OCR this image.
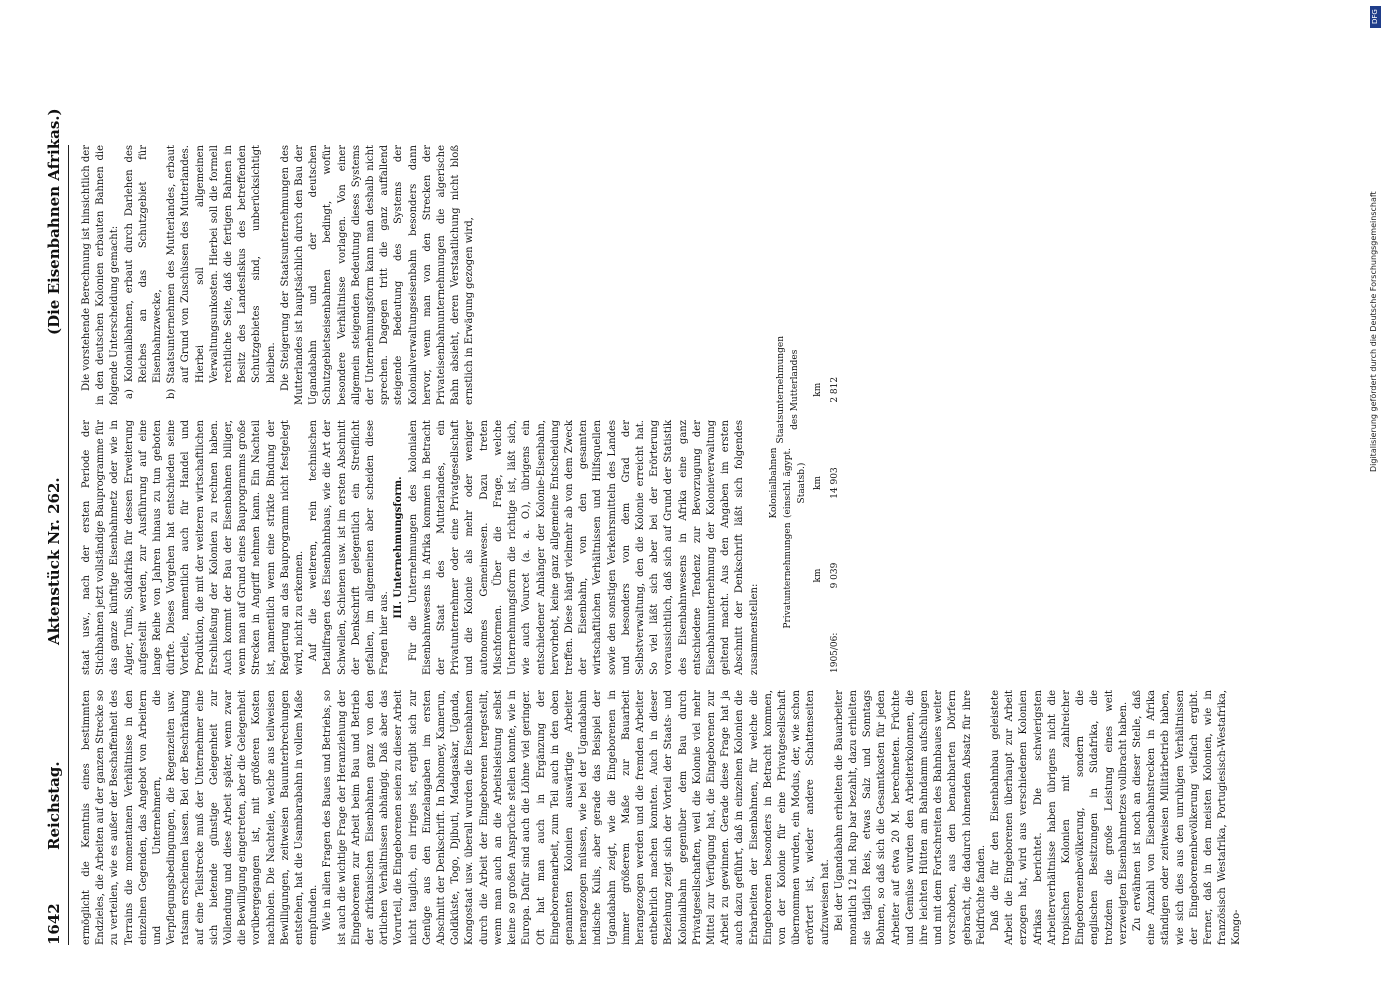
DFG
Digitalisierung gefördert durch die Deutsche Forschungsgemeinschaft
1642
Reichstag.
Aktenstück Nr. 262.
(Die Eisenbahnen Afrikas.)

ermöglicht die Kenntnis eines bestimmten Endzieles, die Arbeiten auf der ganzen Strecke so zu verteilen, wie es außer der Beschaffenheit des Terrains die momentanen Verhältnisse in den einzelnen Gegenden, das Angebot von Arbeitern und Unternehmern, die Verpflegungsbedingungen, die Regenzeiten usw. ratsam erscheinen lassen. Bei der Beschränkung auf eine Teilstrecke muß der Unternehmer eine sich bietende günstige Gelegenheit zur Vollendung und diese Arbeit später, wenn zwar die Bewilligung eingetreten, aber die Gelegenheit vorübergegangen ist, mit größeren Kosten nachholen. Die Nachteile, welche aus teilweisen Bewilligungen, zeitweisen Bauunterbrechungen entstehen, hat die Usambarabahn in vollem Maße empfunden. Wie in allen Fragen des Baues und Betriebs, so ist auch die wichtige Frage der Heranziehung der Eingeborenen zur Arbeit beim Bau und Betrieb der afrikanischen Eisenbahnen ganz von den örtlichen Verhältnissen abhängig. Daß aber das Vorurteil, die Eingeborenen seien zu dieser Arbeit nicht tauglich, ein irriges ist, ergibt sich zur Genüge aus den Einzelangaben im ersten Abschnitt der Denkschrift. In Dahomey, Kamerun, Goldküste, Togo, Djibuti, Madagaskar, Uganda, Kongostaat usw. überall wurden die Eisenbahnen durch die Arbeit der Eingeborenen hergestellt, wenn man auch an die Arbeitsleistung selbst keine so großen Ansprüche stellen konnte, wie in Europa. Dafür sind auch die Löhne viel geringer. Oft hat man auch in Ergänzung der Eingeborenenarbeit, zum Teil auch in den oben genannten Kolonien auswärtige Arbeiter herangezogen müssen, wie bei der Ugandabahn indische Kulis, aber gerade das Beispiel der Ugandabahn zeigt, wie die Eingeborenen in immer größerem Maße zur Bauarbeit herangezogen werden und die fremden Arbeiter entbehrlich machen konnten. Auch in dieser Beziehung zeigt sich der Vorteil der Staats- und Kolonialbahn gegenüber dem Bau durch Privatgesellschaften, weil die Kolonie viel mehr Mittel zur Verfügung hat, die Eingeborenen zur Arbeit zu gewinnen. Gerade diese Frage hat ja auch dazu geführt, daß in einzelnen Kolonien die Erbarbeiten der Eisenbahnen, für welche die Eingeborenen besonders in Betracht kommen, von der Kolonie für eine Privatgesellschaft übernommen wurden, ein Modus, der, wie schon erörtert ist, wieder andere Schattenseiten aufzuweisen hat. Bei der Ugandabahn erhielten die Bauarbeiter monatlich 12 ind. Rup bar bezahlt, dazu erhielten sie täglich Reis, etwas Salz und Sonntags Bohnen, so daß sich die Gesamtkosten für jeden Arbeiter auf etwa 20 M. berechneten. Früchte und Gemüse wurden den Arbeiterkolonnen, die ihre leichten Hütten am Bahndamm aufschlugen und mit dem Fortschreiten des Bahnbaues weiter vorschoben, aus den benachbarten Dörfern gebracht, die dadurch lohnenden Absatz für ihre Feldfrüchte fanden. Daß die für den Eisenbahnbau geleistete Arbeit die Eingeborenen überhaupt zur Arbeit erzogen hat, wird aus verschiedenen Kolonien Afrikas berichtet. Die schwierigsten Arbeiterverhältnisse haben übrigens nicht die tropischen Kolonien mit zahlreicher Eingeborenenbevölkerung, sondern die englischen Besitzungen in Südafrika, die trotzdem die große Leistung eines weit verzweigten Eisenbahnnetzes vollbracht haben. Zu erwähnen ist noch an dieser Stelle, daß eine Anzahl von Eisenbahnstrecken in Afrika ständigen oder zeitweisen Militärbetrieb haben, wie sich dies aus den unruhigen Verhältnissen der Eingeborenenbevölkerung vielfach ergibt. Ferner, daß in den meisten Kolonien, wie in französisch Westafrika, Portugiesisch-Westafrika, Kongo-

staat usw., nach der ersten Periode der Stichbahnen jetzt vollständige Bauprogramme für das ganze künftige Eisenbahnnetz oder wie in Algier, Tunis, Südafrika für dessen Erweiterung aufgestellt werden, zur Ausführung auf eine lange Reihe von Jahren hinaus zu tun geboten dürfte. Dieses Vorgehen hat entschieden seine Vorteile, namentlich auch für Handel und Produktion, die mit der weiteren wirtschaftlichen Erschließung der Kolonien zu rechnen haben. Auch kommt der Bau der Eisenbahnen billiger, wenn man auf Grund eines Bauprogramms große Strecken in Angriff nehmen kann. Ein Nachteil ist, namentlich wenn eine strikte Bindung der Regierung an das Bauprogramm nicht festgelegt wird, nicht zu erkennen. Auf die weiteren, rein technischen Detailfragen des Eisenbahnbaus, wie die Art der Schwellen, Schienen usw. ist im ersten Abschnitt der Denkschrift gelegentlich ein Streiflicht gefallen, im allgemeinen aber scheiden diese Fragen hier aus.

III. Unternehmungsform. Für die Unternehmungen des kolonialen Eisenbahnwesens in Afrika kommen in Betracht der Staat des Mutterlandes, ein Privatunternehmer oder eine Privatgesellschaft und die Kolonie als mehr oder weniger autonomes Gemeinwesen. Dazu treten Mischformen. Über die Frage, welche Unternehmungsform die richtige ist, läßt sich, wie auch Vourcet (a. a. O.), übrigens ein entschiedener Anhänger der Kolonie-Eisenbahn, hervorhebt, keine ganz allgemeine Entscheidung treffen. Diese hängt vielmehr ab von dem Zweck der Eisenbahn, von den gesamten wirtschaftlichen Verhältnissen und Hilfsquellen sowie den sonstigen Verkehrsmitteln des Landes und besonders von dem Grad der Selbstverwaltung, den die Kolonie erreicht hat. So viel läßt sich aber bei der Erörterung voraussichtlich, daß sich auf Grund der Statistik des Eisenbahnwesens in Afrika eine ganz entschiedene Tendenz zur Bevorzugung der Eisenbahnunternehmung der Kolonieverwaltung geltend macht. Aus den Angaben im ersten Abschnitt der Denkschrift läßt sich folgendes zusammenstellen:

	Privatunternehmungen	Kolonialbahnen (einschl. ägypt. Staatsb.)	Staatsunternehmungen des Mutterlandes
	km	km	km
1905/06:	9 039	14 903	2 812

Die vorstehende Berechnung ist hinsichtlich der in den deutschen Kolonien erbauten Bahnen die folgende Unterscheidung gemacht: a) Kolonialbahnen, erbaut durch Darlehen des Reiches an das Schutzgebiet für Eisenbahnzwecke, b) Staatsunternehmen des Mutterlandes, erbaut auf Grund von Zuschüssen des Mutterlandes. Hierbei soll allgemeinen Verwaltungsunkosten. Hierbei soll die formell rechtliche Seite, daß die fertigen Bahnen in Besitz des Landesfiskus des betreffenden Schutzgebietes sind, unberücksichtigt bleiben. Die Steigerung der Staatsunternehmungen des Mutterlandes ist hauptsächlich durch den Bau der Ugandabahn und der deutschen Schutzgebietseisenbahnen bedingt, wofür besondere Verhältnisse vorlagen. Von einer allgemein steigenden Bedeutung dieses Systems der Unternehmungsform kann man deshalb nicht sprechen. Dagegen tritt die ganz auffallend steigende Bedeutung des Systems der Kolonialverwaltungseisenbahn besonders dann hervor, wenn man von den Strecken der Privateisenbahnunternehmungen die algerische Bahn absieht, deren Verstaatlichung nicht bloß ernstlich in Erwägung gezogen wird,
